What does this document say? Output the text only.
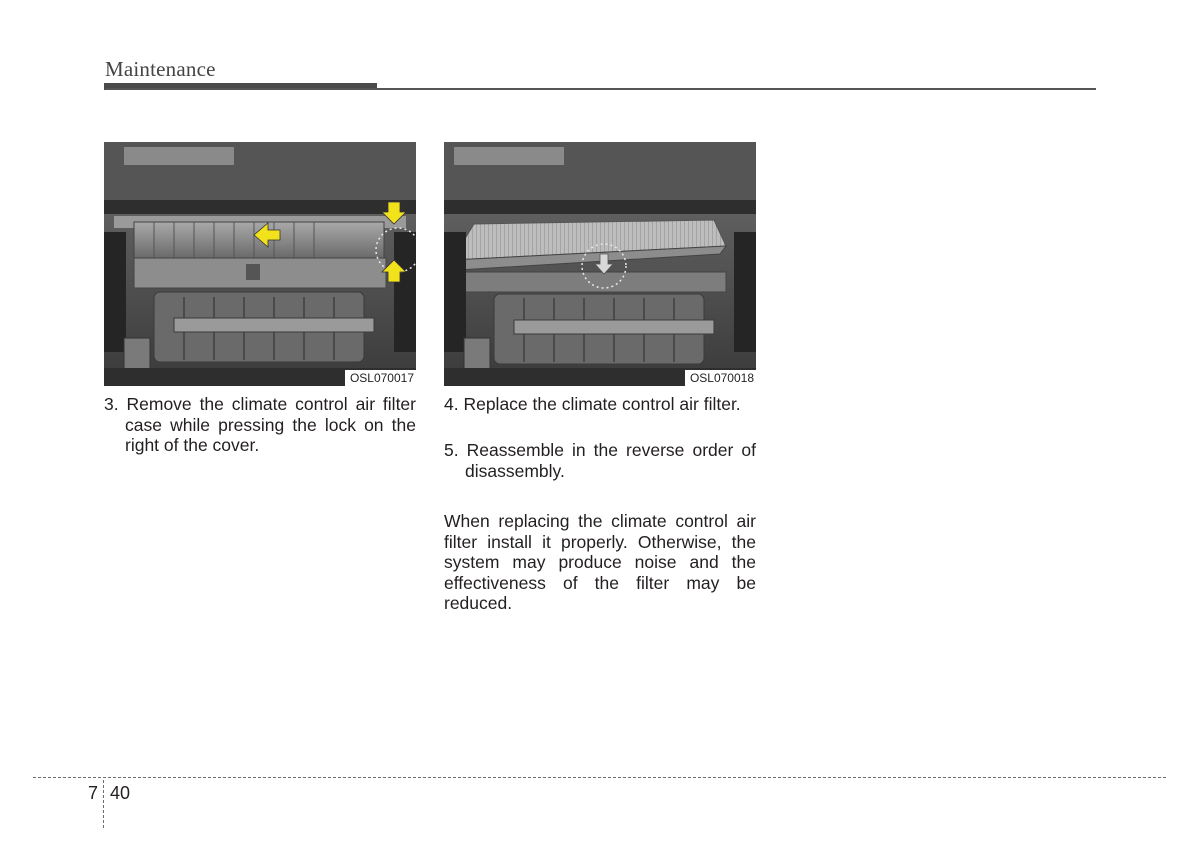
Maintenance
OSL070017	OSL070018
3. Remove the climate control air filter case while pressing the lock on the right of the cover.
4. Replace the climate control air filter.
5. Reassemble in the reverse order of disassembly.
When replacing the climate control air filter install it properly. Otherwise, the system may produce noise and the effectiveness of the filter may be reduced.
7 40
